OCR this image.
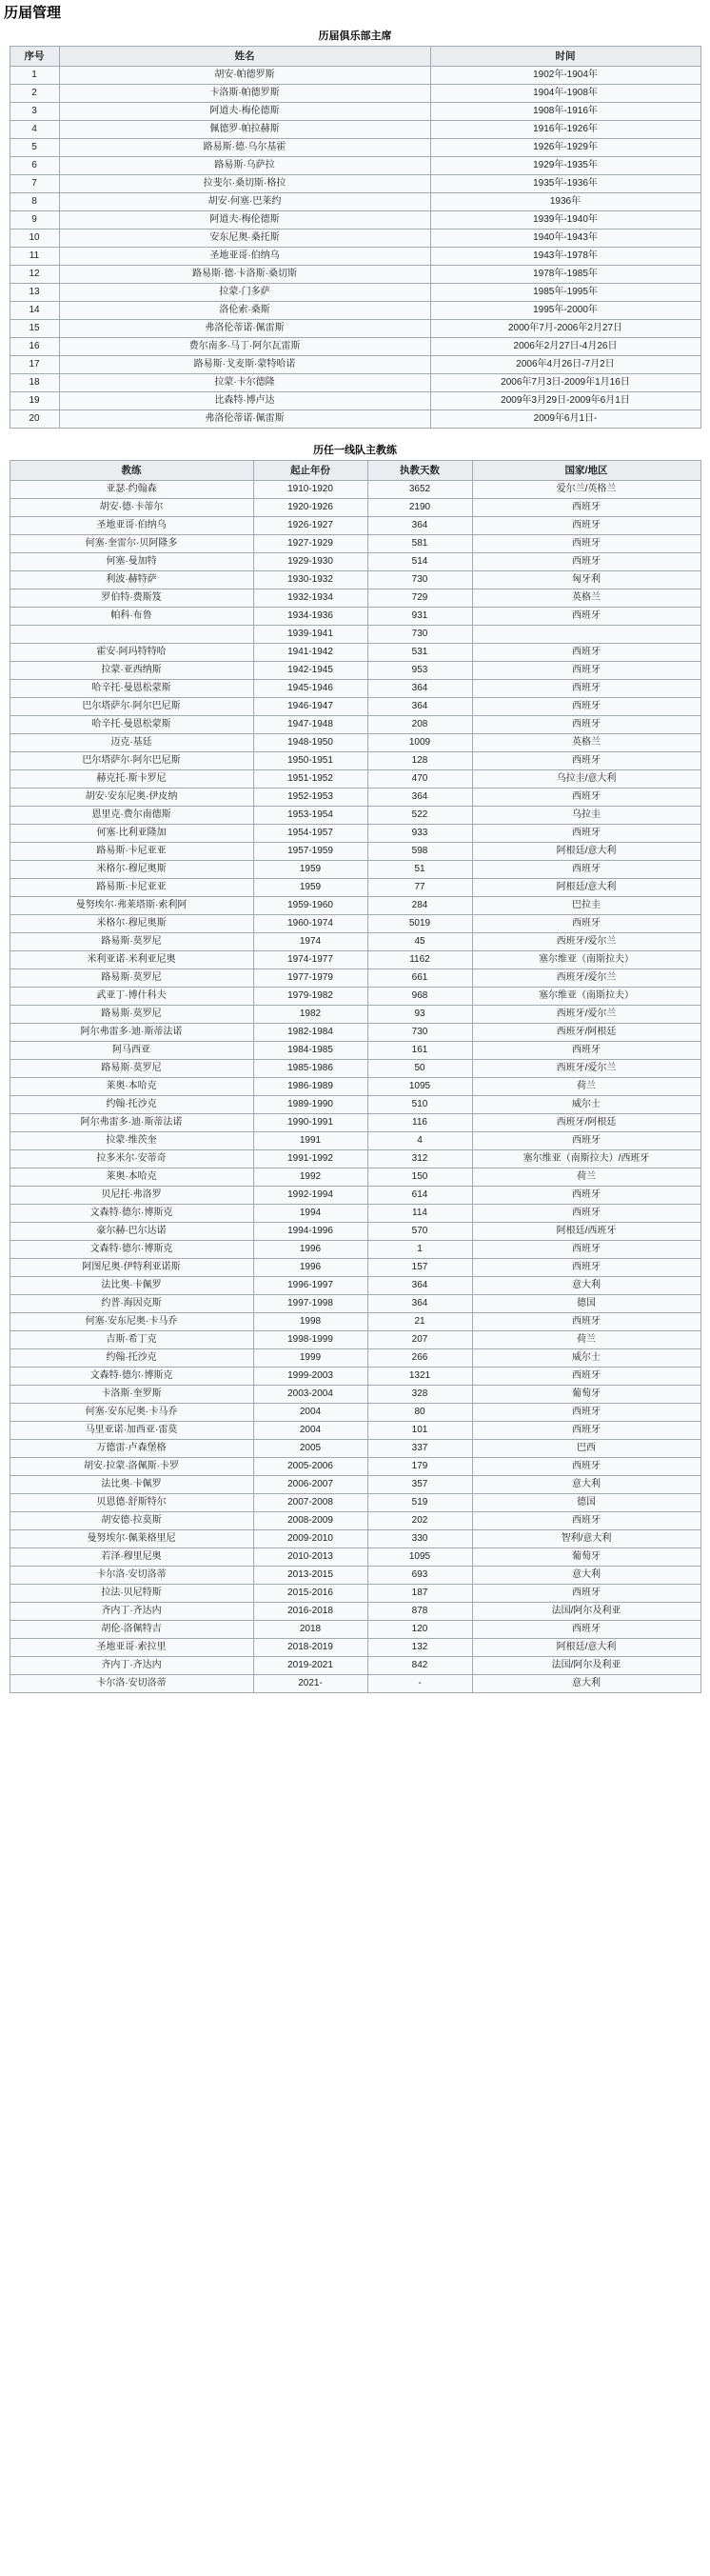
历届管理
历届俱乐部主席
序号	姓名	时间
1	胡安·帕德罗斯	1902年-1904年
2	卡洛斯·帕德罗斯	1904年-1908年
3	阿道夫·梅伦德斯	1908年-1916年
4	佩德罗·帕拉赫斯	1916年-1926年
5	路易斯·德·乌尔基霍	1926年-1929年
6	路易斯·乌萨拉	1929年-1935年
7	拉斐尔·桑切斯·格拉	1935年-1936年
8	胡安·何塞·巴莱约	1936年
9	阿道夫·梅伦德斯	1939年-1940年
10	安东尼奥·桑托斯	1940年-1943年
11	圣地亚哥·伯纳乌	1943年-1978年
12	路易斯·德·卡洛斯·桑切斯	1978年-1985年
13	拉蒙·门多萨	1985年-1995年
14	洛伦索·桑斯	1995年-2000年
15	弗洛伦蒂诺·佩雷斯	2000年7月-2006年2月27日
16	费尔南多·马丁·阿尔瓦雷斯	2006年2月27日-4月26日
17	路易斯·戈麦斯·蒙特哈诺	2006年4月26日-7月2日
18	拉蒙·卡尔德隆	2006年7月3日-2009年1月16日
19	比森特·博卢达	2009年3月29日-2009年6月1日
20	弗洛伦蒂诺·佩雷斯	2009年6月1日-
历任一线队主教练
教练	起止年份	执教天数	国家/地区
亚瑟·约翰森	1910-1920	3652	爱尔兰/英格兰
胡安·德·卡蒂尔	1920-1926	2190	西班牙
圣地亚哥·伯纳乌	1926-1927	364	西班牙
何塞·奎雷尔·贝阿隆多	1927-1929	581	西班牙
何塞·曼加特	1929-1930	514	西班牙
利波·赫特萨	1930-1932	730	匈牙利
罗伯特·费斯笈	1932-1934	729	英格兰
帕科·布鲁	1934-1936	931	西班牙
	1939-1941	730	
霍安·阿玛特特哈	1941-1942	531	西班牙
拉蒙·亚西纳斯	1942-1945	953	西班牙
哈辛托·曼恩松蒙斯	1945-1946	364	西班牙
巴尔塔萨尔·阿尔巴尼斯	1946-1947	364	西班牙
哈辛托·曼恩松蒙斯	1947-1948	208	西班牙
迈克·基廷	1948-1950	1009	英格兰
巴尔塔萨尔·阿尔巴尼斯	1950-1951	128	西班牙
赫克托·斯卡罗尼	1951-1952	470	乌拉圭/意大利
胡安·安东尼奥·伊皮纳	1952-1953	364	西班牙
恩里克·费尔南德斯	1953-1954	522	乌拉圭
何塞·比利亚隆加	1954-1957	933	西班牙
路易斯·卡尼亚亚	1957-1959	598	阿根廷/意大利
米格尔·穆尼奥斯	1959	51	西班牙
路易斯·卡尼亚亚	1959	77	阿根廷/意大利
曼努埃尔·弗莱塔斯·索利阿	1959-1960	284	巴拉圭
米格尔·穆尼奥斯	1960-1974	5019	西班牙
路易斯·莫罗尼	1974	45	西班牙/爱尔兰
米利亚诺·米利亚尼奥	1974-1977	1162	塞尔维亚（南斯拉夫）
路易斯·莫罗尼	1977-1979	661	西班牙/爱尔兰
武亚丁·博什科夫	1979-1982	968	塞尔维亚（南斯拉夫）
路易斯·莫罗尼	1982	93	西班牙/爱尔兰
阿尔弗雷多·迪·斯蒂法诺	1982-1984	730	西班牙/阿根廷
阿马西亚	1984-1985	161	西班牙
路易斯·莫罗尼	1985-1986	50	西班牙/爱尔兰
莱奥·本哈克	1986-1989	1095	荷兰
约翰·托沙克	1989-1990	510	威尔士
阿尔弗雷多·迪·斯蒂法诺	1990-1991	116	西班牙/阿根廷
拉蒙·维茨奎	1991	4	西班牙
拉多米尔·安蒂奇	1991-1992	312	塞尔维亚（南斯拉夫）/西班牙
莱奥·本哈克	1992	150	荷兰
贝尼托·弗洛罗	1992-1994	614	西班牙
文森特·德尔·博斯克	1994	114	西班牙
豪尔赫·巴尔达诺	1994-1996	570	阿根廷/西班牙
文森特·德尔·博斯克	1996	1	西班牙
阿图尼奥·伊特利亚诺斯	1996	157	西班牙
法比奥·卡佩罗	1996-1997	364	意大利
约普·海因克斯	1997-1998	364	德国
何塞·安东尼奥·卡马乔	1998	21	西班牙
吉斯·希丁克	1998-1999	207	荷兰
约翰·托沙克	1999	266	威尔士
文森特·德尔·博斯克	1999-2003	1321	西班牙
卡洛斯·奎罗斯	2003-2004	328	葡萄牙
何塞·安东尼奥·卡马乔	2004	80	西班牙
马里亚诺·加西亚·雷莫	2004	101	西班牙
万德雷·卢森堡格	2005	337	巴西
胡安·拉蒙·洛佩斯·卡罗	2005-2006	179	西班牙
法比奥·卡佩罗	2006-2007	357	意大利
贝恩德·舒斯特尔	2007-2008	519	德国
胡安德·拉莫斯	2008-2009	202	西班牙
曼努埃尔·佩莱格里尼	2009-2010	330	智利/意大利
若泽·穆里尼奥	2010-2013	1095	葡萄牙
卡尔洛·安切洛蒂	2013-2015	693	意大利
拉法·贝尼特斯	2015-2016	187	西班牙
齐内丁·齐达内	2016-2018	878	法国/阿尔及利亚
胡伦·洛佩特吉	2018	120	西班牙
圣地亚哥·索拉里	2018-2019	132	阿根廷/意大利
齐内丁·齐达内	2019-2021	842	法国/阿尔及利亚
卡尔洛·安切洛蒂	2021-	-	意大利
